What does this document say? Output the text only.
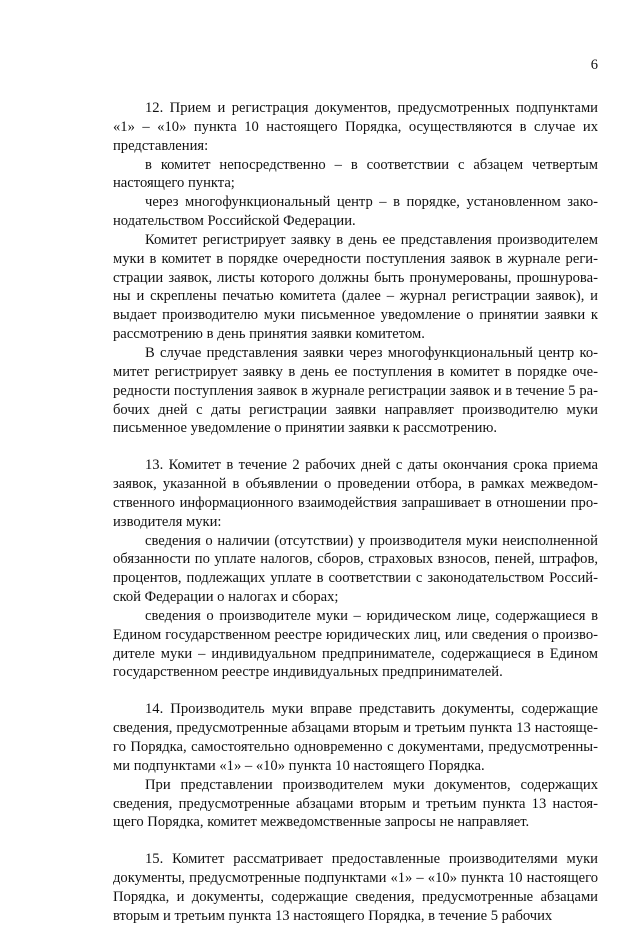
6

12. Прием и регистрация документов, предусмотренных подпунктами «1» – «10» пункта 10 настоящего Порядка, осуществляются в случае их представления:

в комитет непосредственно – в соответствии с абзацем четвертым настоящего пункта;

через многофункциональный центр – в порядке, установленном законодательством Российской Федерации.

Комитет регистрирует заявку в день ее представления производителем муки в комитет в порядке очередности поступления заявок в журнале регистрации заявок, листы которого должны быть пронумерованы, прошнурованы и скреплены печатью комитета (далее – журнал регистрации заявок), и выдает производителю муки письменное уведомление о принятии заявки к рассмотрению в день принятия заявки комитетом.

В случае представления заявки через многофункциональный центр комитет регистрирует заявку в день ее поступления в комитет в порядке очередности поступления заявок в журнале регистрации заявок и в течение 5 рабочих дней с даты регистрации заявки направляет производителю муки письменное уведомление о принятии заявки к рассмотрению.

13. Комитет в течение 2 рабочих дней с даты окончания срока приема заявок, указанной в объявлении о проведении отбора, в рамках межведомственного информационного взаимодействия запрашивает в отношении производителя муки:

сведения о наличии (отсутствии) у производителя муки неисполненной обязанности по уплате налогов, сборов, страховых взносов, пеней, штрафов, процентов, подлежащих уплате в соответствии с законодательством Российской Федерации о налогах и сборах;

сведения о производителе муки – юридическом лице, содержащиеся в Едином государственном реестре юридических лиц, или сведения о производителе муки – индивидуальном предпринимателе, содержащиеся в Едином государственном реестре индивидуальных предпринимателей.

14. Производитель муки вправе представить документы, содержащие сведения, предусмотренные абзацами вторым и третьим пункта 13 настоящего Порядка, самостоятельно одновременно с документами, предусмотренными подпунктами «1» – «10» пункта 10 настоящего Порядка.

При представлении производителем муки документов, содержащих сведения, предусмотренные абзацами вторым и третьим пункта 13 настоящего Порядка, комитет межведомственные запросы не направляет.

15. Комитет рассматривает предоставленные производителями муки документы, предусмотренные подпунктами «1» – «10» пункта 10 настоящего Порядка, и документы, содержащие сведения, предусмотренные абзацами вторым и третьим пункта 13 настоящего Порядка, в течение 5 рабочих
